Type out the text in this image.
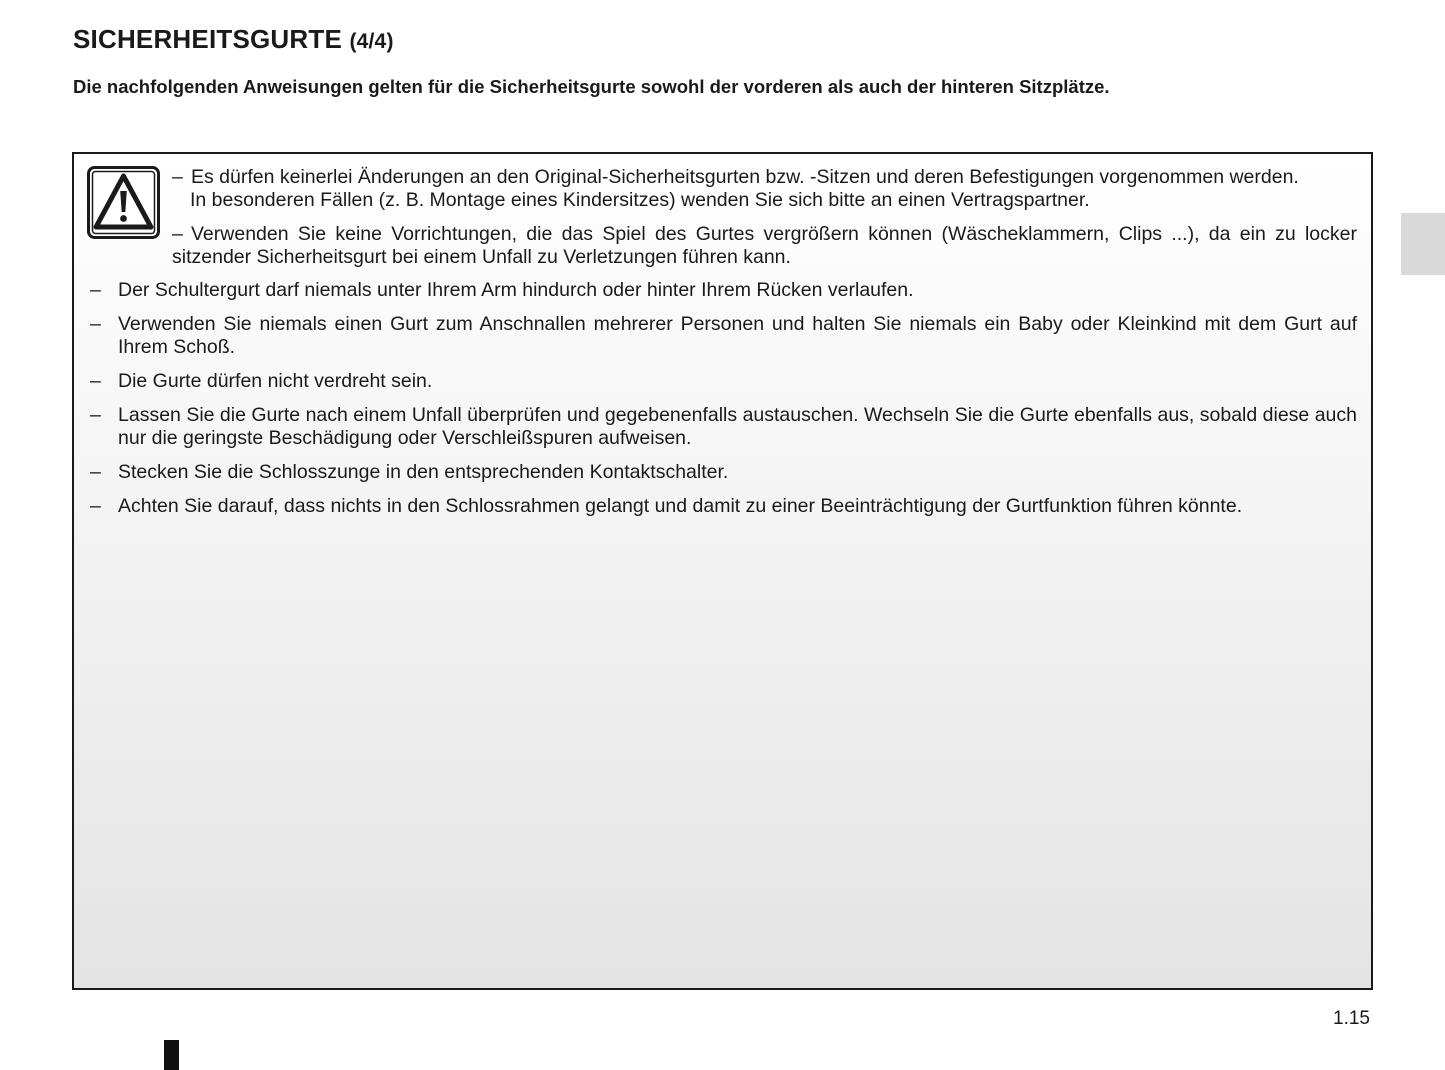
SICHERHEITSGURTE (4/4)

Die nachfolgenden Anweisungen gelten für die Sicherheitsgurte sowohl der vorderen als auch der hinteren Sitzplätze.

– Es dürfen keinerlei Änderungen an den Original-Sicherheitsgurten bzw. -Sitzen und deren Befestigungen vorgenommen werden.
In besonderen Fällen (z. B. Montage eines Kindersitzes) wenden Sie sich bitte an einen Vertragspartner.
– Verwenden Sie keine Vorrichtungen, die das Spiel des Gurtes vergrößern können (Wäscheklammern, Clips ...), da ein zu locker sitzender Sicherheitsgurt bei einem Unfall zu Verletzungen führen kann.
– Der Schultergurt darf niemals unter Ihrem Arm hindurch oder hinter Ihrem Rücken verlaufen.
– Verwenden Sie niemals einen Gurt zum Anschnallen mehrerer Personen und halten Sie niemals ein Baby oder Kleinkind mit dem Gurt auf Ihrem Schoß.
– Die Gurte dürfen nicht verdreht sein.
– Lassen Sie die Gurte nach einem Unfall überprüfen und gegebenenfalls austauschen. Wechseln Sie die Gurte ebenfalls aus, sobald diese auch nur die geringste Beschädigung oder Verschleißspuren aufweisen.
– Stecken Sie die Schlosszunge in den entsprechenden Kontaktschalter.
– Achten Sie darauf, dass nichts in den Schlossrahmen gelangt und damit zu einer Beeinträchtigung der Gurtfunktion führen könnte.
1.15
